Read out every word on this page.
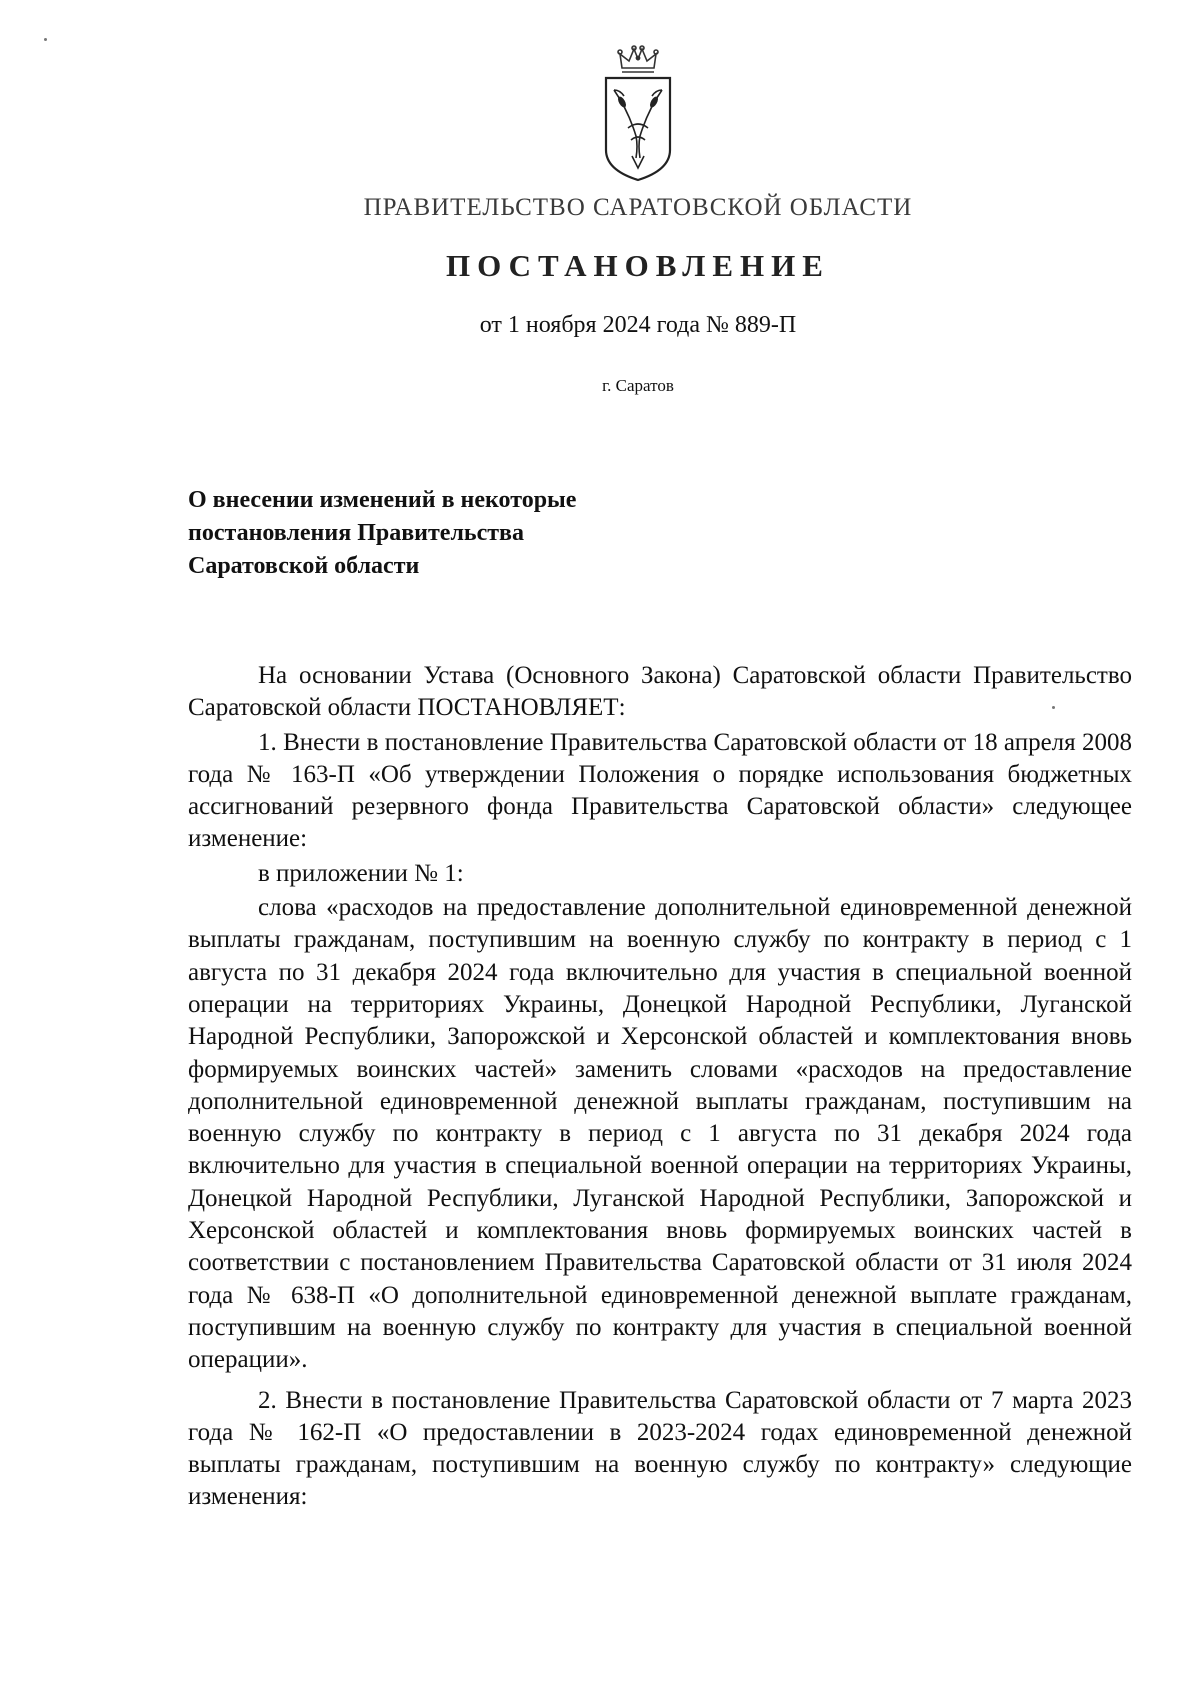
ПРАВИТЕЛЬСТВО САРАТОВСКОЙ ОБЛАСТИ
ПОСТАНОВЛЕНИЕ
от 1 ноября 2024 года № 889-П
г. Саратов
О внесении изменений в некоторые
постановления Правительства
Саратовской области

На основании Устава (Основного Закона) Саратовской области Правительство Саратовской области ПОСТАНОВЛЯЕТ:

1. Внести в постановление Правительства Саратовской области от 18 апреля 2008 года № 163-П «Об утверждении Положения о порядке использования бюджетных ассигнований резервного фонда Правительства Саратовской области» следующее изменение:

в приложении № 1:

слова «расходов на предоставление дополнительной единовременной денежной выплаты гражданам, поступившим на военную службу по контракту в период с 1 августа по 31 декабря 2024 года включительно для участия в специальной военной операции на территориях Украины, Донецкой Народной Республики, Луганской Народной Республики, Запорожской и Херсонской областей и комплектования вновь формируемых воинских частей» заменить словами «расходов на предоставление дополнительной единовременной денежной выплаты гражданам, поступившим на военную службу по контракту в период с 1 августа по 31 декабря 2024 года включительно для участия в специальной военной операции на территориях Украины, Донецкой Народной Республики, Луганской Народной Республики, Запорожской и Херсонской областей и комплектования вновь формируемых воинских частей в соответствии с постановлением Правительства Саратовской области от 31 июля 2024 года № 638-П «О дополнительной единовременной денежной выплате гражданам, поступившим на военную службу по контракту для участия в специальной военной операции».

2. Внести в постановление Правительства Саратовской области от 7 марта 2023 года № 162-П «О предоставлении в 2023-2024 годах единовременной денежной выплаты гражданам, поступившим на военную службу по контракту» следующие изменения:
